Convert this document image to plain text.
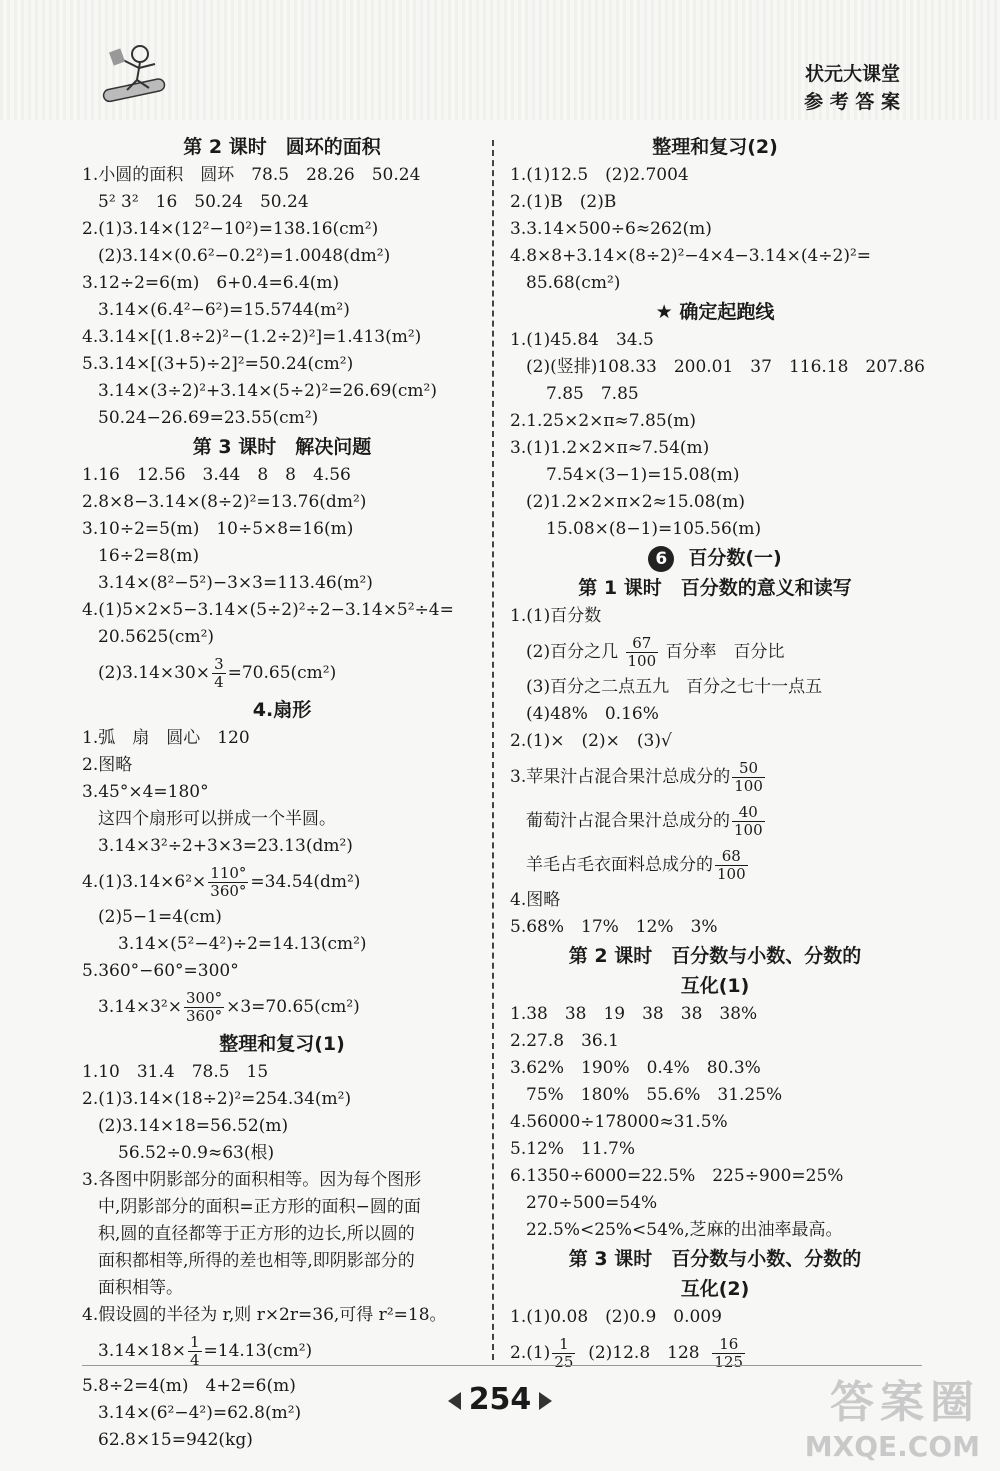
状元大课堂
参 考 答 案
第 2 课时　圆环的面积
1.小圆的面积　圆环　78.5　28.26　50.24
5² 3²　16　50.24　50.24
2.(1)3.14×(12²−10²)=138.16(cm²)
(2)3.14×(0.6²−0.2²)=1.0048(dm²)
3.12÷2=6(m)　6+0.4=6.4(m)
3.14×(6.4²−6²)=15.5744(m²)
4.3.14×[(1.8÷2)²−(1.2÷2)²]=1.413(m²)
5.3.14×[(3+5)÷2]²=50.24(cm²)
3.14×(3÷2)²+3.14×(5÷2)²=26.69(cm²)
50.24−26.69=23.55(cm²)
第 3 课时　解决问题
1.16　12.56　3.44　8　8　4.56
2.8×8−3.14×(8÷2)²=13.76(dm²)
3.10÷2=5(m)　10÷5×8=16(m)
16÷2=8(m)
3.14×(8²−5²)−3×3=113.46(m²)
4.(1)5×2×5−3.14×(5÷2)²÷2−3.14×5²÷4=
20.5625(cm²)
$(2)3.14\times 30\times \frac{3}{4} =70.65(cm^2)$
4.扇形
1.弧　扇　圆心　120
2.图略
3.45°×4=180°
这四个扇形可以拼成一个半圆。
3.14×3²÷2+3×3=23.13(dm²)
$4.(1)3.14\times 6^2\times \frac{110^\circ}{360^\circ} =34.54(dm^2)$
(2)5−1=4(cm)
3.14×(5²−4²)÷2=14.13(cm²)
5.360°−60°=300°
$3.14\times 3^2\times \frac{300^\circ}{360^\circ} \times 3=70.65(cm^2)$
整理和复习(1)
1.10　31.4　78.5　15
2.(1)3.14×(18÷2)²=254.34(m²)
(2)3.14×18=56.52(m)
56.52÷0.9≈63(根)
3.各图中阴影部分的面积相等。因为每个图形
中,阴影部分的面积=正方形的面积−圆的面
积,圆的直径都等于正方形的边长,所以圆的
面积都相等,所得的差也相等,即阴影部分的
面积相等。
4.假设圆的半径为 r,则 r×2r=36,可得 r²=18。
$3.14\times 18\times \frac{1}{4} =14.13(cm^2)$
5.8÷2=4(m)　4+2=6(m)
3.14×(6²−4²)=62.8(m²)
62.8×15=942(kg)
整理和复习(2)
1.(1)12.5　(2)2.7004
2.(1)B　(2)B
3.3.14×500÷6≈262(m)
4.8×8+3.14×(8÷2)²−4×4−3.14×(4÷2)²=
85.68(cm²)
★ 确定起跑线
1.(1)45.84　34.5
(2)(竖排)108.33　200.01　37　116.18　207.86
7.85　7.85
2.1.25×2×π≈7.85(m)
3.(1)1.2×2×π≈7.54(m)
7.54×(3−1)=15.08(m)
(2)1.2×2×π×2≈15.08(m)
15.08×(8−1)=105.56(m)
6 百分数(一)
第 1 课时　百分数的意义和读写
1.(1)百分数
(2)百分之几 $\frac{67}{100}$ 百分率　百分比
(3)百分之二点五九　百分之七十一点五
(4)48%　0.16%
2.(1)×　(2)×　(3)√
3.苹果汁占混合果汁总成分的 $\frac{50}{100}$
葡萄汁占混合果汁总成分的 $\frac{40}{100}$
羊毛占毛衣面料总成分的 $\frac{68}{100}$
4.图略
5.68%　17%　12%　3%
第 2 课时　百分数与小数、分数的
互化(1)
1.38　38　19　38　38　38%
2.27.8　36.1
3.62%　190%　0.4%　80.3%
75%　180%　55.6%　31.25%
4.56000÷178000≈31.5%
5.12%　11.7%
6.1350÷6000=22.5%　225÷900=25%
270÷500=54%
22.5%<25%<54%,芝麻的出油率最高。
第 3 课时　百分数与小数、分数的
互化(2)
1.(1)0.08　(2)0.9　0.009
$2.(1) \frac{1}{25} (2)12.8$　$128 \frac{16}{125}$
254	答案圈
MXQE.COM
